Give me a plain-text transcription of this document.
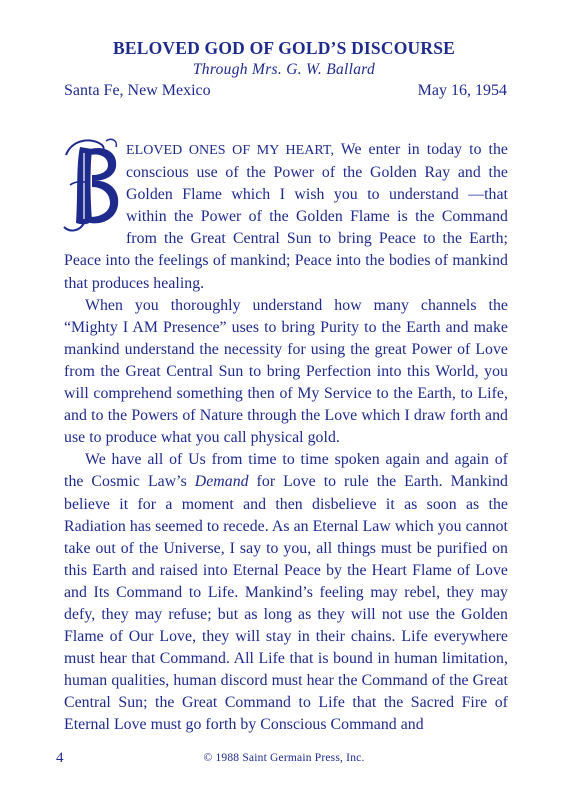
BELOVED GOD OF GOLD’S DISCOURSE
Through Mrs. G. W. Ballard
Santa Fe, New Mexico	May 16, 1954

ELOVED ONES OF MY HEART, We enter in today to the conscious use of the Power of the Golden Ray and the Golden Flame which I wish you to understand —that within the Power of the Golden Flame is the Command from the Great Central Sun to bring Peace to the Earth; Peace into the feelings of mankind; Peace into the bodies of mankind that produces healing.

When you thoroughly understand how many channels the “Mighty I AM Presence” uses to bring Purity to the Earth and make mankind understand the necessity for using the great Power of Love from the Great Central Sun to bring Perfection into this World, you will comprehend something then of My Service to the Earth, to Life, and to the Powers of Nature through the Love which I draw forth and use to produce what you call physical gold.

We have all of Us from time to time spoken again and again of the Cosmic Law’s Demand for Love to rule the Earth. Mankind believe it for a moment and then disbelieve it as soon as the Radiation has seemed to recede. As an Eternal Law which you cannot take out of the Universe, I say to you, all things must be purified on this Earth and raised into Eternal Peace by the Heart Flame of Love and Its Command to Life. Mankind’s feeling may rebel, they may defy, they may refuse; but as long as they will not use the Golden Flame of Our Love, they will stay in their chains. Life everywhere must hear that Command. All Life that is bound in human limitation, human qualities, human discord must hear the Command of the Great Central Sun; the Great Command to Life that the Sacred Fire of Eternal Love must go forth by Conscious Command and

4	© 1988 Saint Germain Press, Inc.
